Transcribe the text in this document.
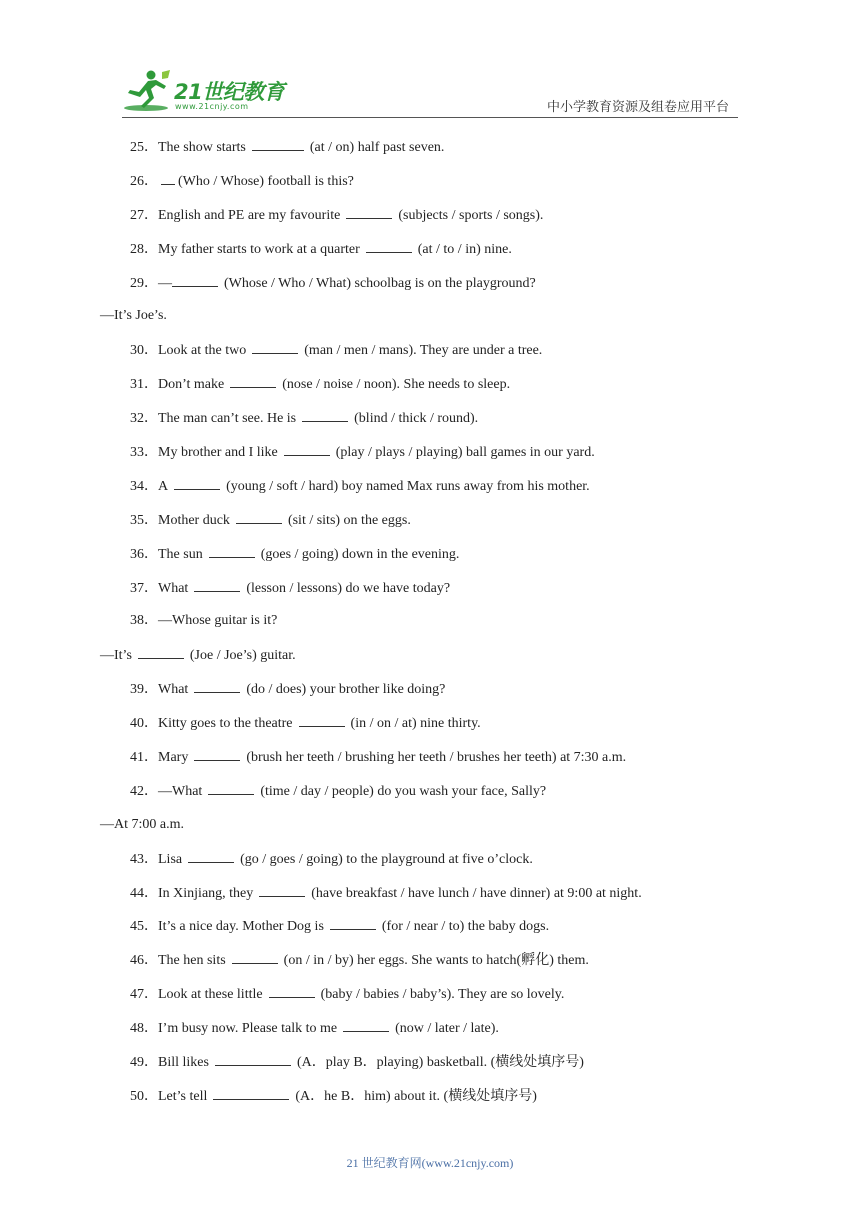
21世纪教育
www.21cnjy.com	中小学教育资源及组卷应用平台
25．The show starts	(at / on) half past seven.
26． (Who / Whose) football is this?
27．English and PE are my favourite	(subjects / sports / songs).
28．My father starts to work at a quarter	(at / to / in) nine.
29．—	(Whose / Who / What) schoolbag is on the playground?
—It’s Joe’s.
30．Look at the two	(man / men / mans). They are under a tree.
31．Don’t make	(nose / noise / noon). She needs to sleep.
32．The man can’t see. He is	(blind / thick / round).
33．My brother and I like	(play / plays / playing) ball games in our yard.
34．A	(young / soft / hard) boy named Max runs away from his mother.
35．Mother duck	(sit / sits) on the eggs.
36．The sun	(goes / going) down in the evening.
37．What	(lesson / lessons) do we have today?
38．—Whose guitar is it?
—It’s	(Joe / Joe’s) guitar.
39．What	(do / does) your brother like doing?
40．Kitty goes to the theatre	(in / on / at) nine thirty.
41．Mary	(brush her teeth / brushing her teeth / brushes her teeth) at 7:30 a.m.
42．—What	(time / day / people) do you wash your face, Sally?
—At 7:00 a.m.
43．Lisa	(go / goes / going) to the playground at five o’clock.
44．In Xinjiang, they	(have breakfast / have lunch / have dinner) at 9:00 at night.
45．It’s a nice day. Mother Dog is	(for / near / to) the baby dogs.
46．The hen sits	(on / in / by) her eggs. She wants to hatch(孵化) them.
47．Look at these little	(baby / babies / baby’s). They are so lovely.
48．I’m busy now. Please talk to me	(now / later / late).
49．Bill likes	(A．play B．playing) basketball. (横线处填序号)
50．Let’s tell	(A．he B．him) about it. (横线处填序号)
21 世纪教育网(www.21cnjy.com)
